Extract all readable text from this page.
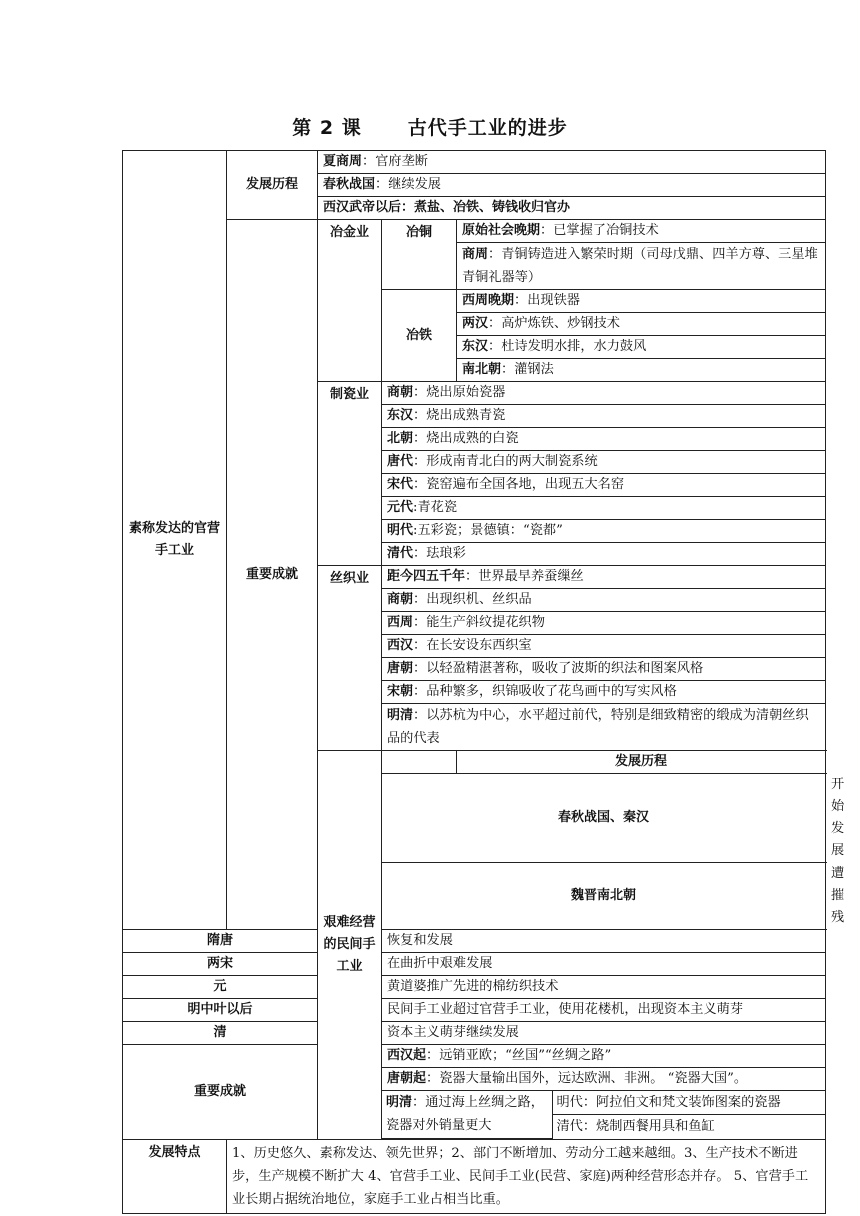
第 2 课 古代手工业的进步
素称发达的官营手工业	发展历程	夏商周：官府垄断
春秋战国：继续发展
西汉武帝以后：煮盐、冶铁、铸钱收归官办
重要成就	冶金业	冶铜	原始社会晚期：已掌握了冶铜技术
商周：青铜铸造进入繁荣时期（司母戊鼎、四羊方尊、三星堆青铜礼器等）
冶铁	西周晚期：出现铁器
两汉：高炉炼铁、炒钢技术
东汉：杜诗发明水排，水力鼓风
南北朝：灌钢法
制瓷业	商朝：烧出原始瓷器
东汉：烧出成熟青瓷
北朝：烧出成熟的白瓷
唐代：形成南青北白的两大制瓷系统
宋代：瓷窑遍布全国各地，出现五大名窑
元代:青花瓷
明代:五彩瓷；景德镇：“瓷都”
清代：珐琅彩
丝织业	距今四五千年：世界最早养蚕缫丝
商朝：出现织机、丝织品
西周：能生产斜纹提花织物
西汉：在长安设东西织室
唐朝：以轻盈精湛著称，吸收了波斯的织法和图案风格
宋朝：品种繁多，织锦吸收了花鸟画中的写实风格
明清：以苏杭为中心，水平超过前代，特别是细致精密的缎成为清朝丝织品的代表
艰难经营的民间手工业		发展历程
春秋战国、秦汉	开始发展
魏晋南北朝	遭摧残
隋唐	恢复和发展
两宋	在曲折中艰难发展
元	黄道婆推广先进的棉纺织技术
明中叶以后	民间手工业超过官营手工业，使用花楼机，出现资本主义萌芽
清	资本主义萌芽继续发展
重要成就	西汉起：远销亚欧；“丝国”“丝绸之路”
唐朝起：瓷器大量输出国外，远达欧洲、非洲。 “瓷器大国”。

明清：通过海上丝绸之路，瓷器对外销量更大	明代：阿拉伯文和梵文装饰图案的瓷器
清代：烧制西餐用具和鱼缸

发展特点	1、历史悠久、素称发达、领先世界；2、部门不断增加、劳动分工越来越细。3、生产技术不断进步，生产规模不断扩大 4、官营手工业、民间手工业(民营、家庭)两种经营形态并存。 5、官营手工业长期占据统治地位，家庭手工业占相当比重。
